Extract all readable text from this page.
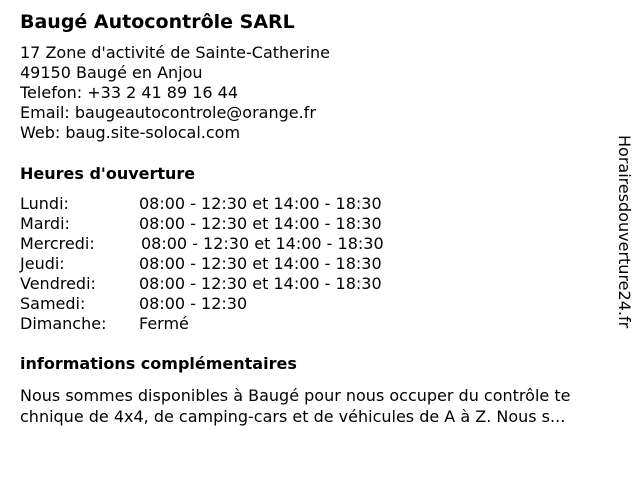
Baugé Autocontrôle SARL
17 Zone d'activité de Sainte-Catherine
49150 Baugé en Anjou
Telefon: +33 2 41 89 16 44
Email: baugeautocontrole@orange.fr
Web: baug.site-solocal.com
Heures d'ouverture
Lundi:	08:00 - 12:30 et 14:00 - 18:30
Mardi:	08:00 - 12:30 et 14:00 - 18:30
Mercredi:	08:00 - 12:30 et 14:00 - 18:30
Jeudi:	08:00 - 12:30 et 14:00 - 18:30
Vendredi:	08:00 - 12:30 et 14:00 - 18:30
Samedi:	08:00 - 12:30
Dimanche: Fermé
informations complémentaires
Nous sommes disponibles à Baugé pour nous occuper du contrôle te
chnique de 4x4, de camping-cars et de véhicules de A à Z. Nous s...
Horairesdouverture24.fr
